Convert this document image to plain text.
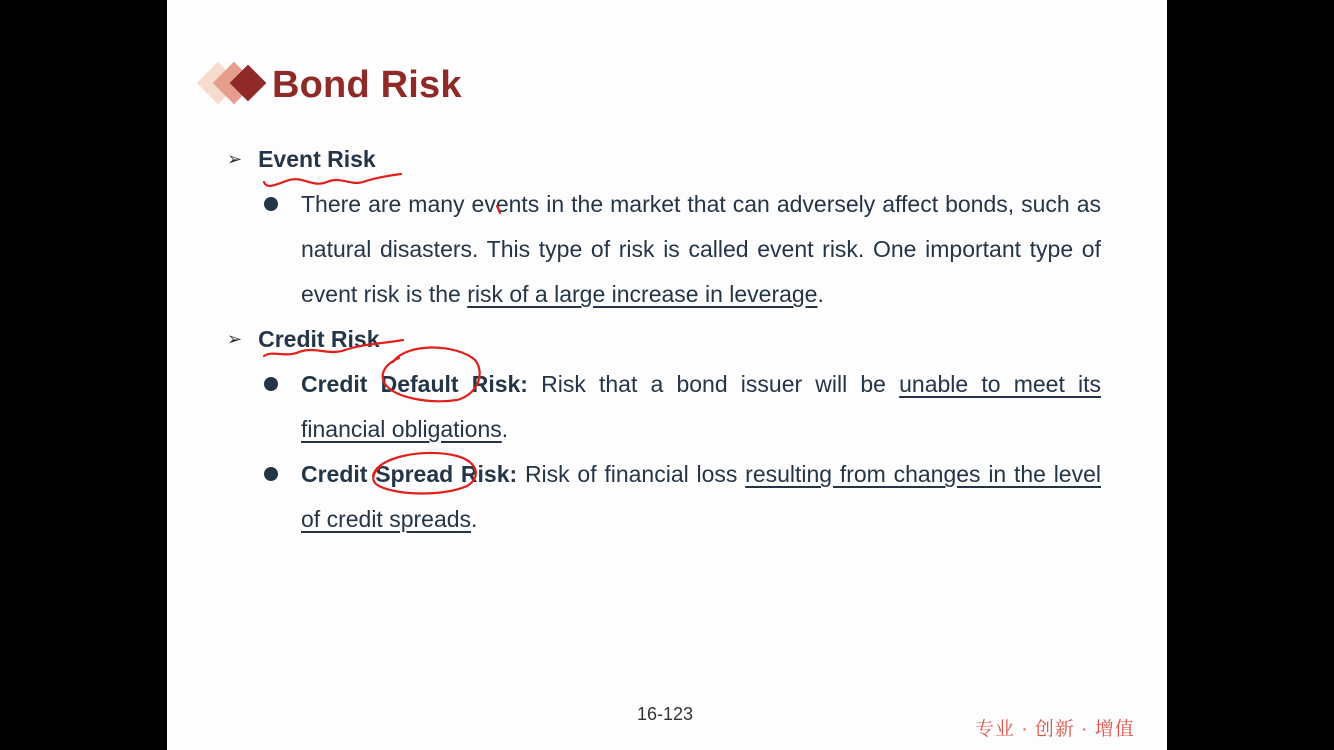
Bond Risk
➢ Event Risk
There are many events in the market that can adversely affect bonds, such as natural disasters. This type of risk is called event risk. One important type of event risk is the risk of a large increase in leverage.
➢ Credit Risk
Credit Default Risk: Risk that a bond issuer will be unable to meet its financial obligations.
Credit Spread Risk: Risk of financial loss resulting from changes in the level of credit spreads.
16-123
专业 · 创新 · 增值
